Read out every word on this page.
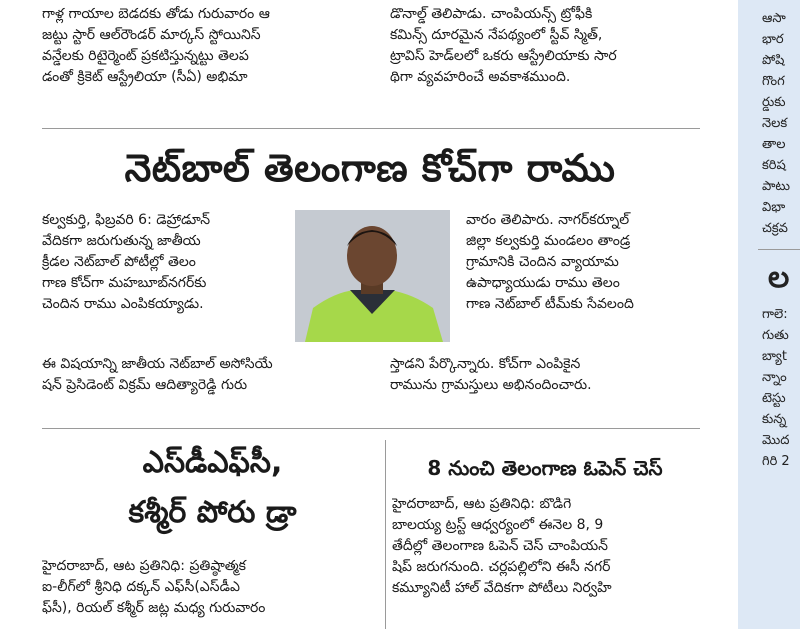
గాళ్ల గాయాల బెడదకు తోడు గురువారం ఆ
జట్టు స్టార్ ఆల్‌రౌండర్ మార్కస్ స్టోయినిస్
వన్డేలకు రిటైర్మెంట్ ప్రకటిస్తున్నట్టు తెలప
డంతో క్రికెట్ ఆస్ట్రేలియా (సీఏ) అభిమా
డొనాల్డ్ తెలిపాడు. చాంపియన్స్ ట్రోఫీకి
కమిన్స్ దూరమైన నేపథ్యంలో స్టీవ్ స్మిత్,
ట్రావిస్ హెడ్‌లలో ఒకరు ఆస్ట్రేలియాకు సార
థిగా వ్యవహరించే అవకాశముంది.
నెట్‌బాల్ తెలంగాణ కోచ్‌గా రాము
కల్వకుర్తి, ఫిబ్రవరి 6: డెహ్రాడూన్
వేదికగా జరుగుతున్న జాతీయ
క్రీడల నెట్‌బాల్ పోటీల్లో తెలం
గాణ కోచ్‌గా మహబూబ్‌నగర్‌కు
చెందిన రాము ఎంపికయ్యాడు.
వారం తెలిపారు. నాగర్‌కర్నూల్
జిల్లా కల్వకుర్తి మండలం తాండ్ర
గ్రామానికి చెందిన వ్యాయామ
ఉపాధ్యాయుడు రాము తెలం
గాణ నెట్‌బాల్ టీమ్‌కు సేవలంది
ఈ విషయాన్ని జాతీయ నెట్‌బాల్ అసోసియే
షన్ ప్రెసిడెంట్ విక్రమ్ ఆదిత్యారెడ్డి గురు
స్తాడని పేర్కొన్నారు. కోచ్‌గా ఎంపికైన
రామును గ్రామస్తులు అభినందించారు.
ఎస్‌డీఎఫ్‌సీ,
కశ్మీర్ పోరు డ్రా
హైదరాబాద్, ఆట ప్రతినిధి: ప్రతిష్ఠాత్మక
ఐ-లీగ్‌లో శ్రీనిధి దక్కన్ ఎఫ్‌సీ(ఎస్‌డీఎ
ఫ్‌సీ), రియల్ కశ్మీర్ జట్ల మధ్య గురువారం
8 నుంచి తెలంగాణ ఓపెన్ చెస్
హైదరాబాద్, ఆట ప్రతినిధి: బొడిగె
బాలయ్య ట్రస్ట్ ఆధ్వర్యంలో ఈనెల 8, 9
తేదీల్లో తెలంగాణ ఓపెన్ చెస్ చాంపియన్
షిప్ జరుగనుంది. చర్లపల్లిలోని ఈసీ నగర్
కమ్యూనిటీ హాల్ వేదికగా పోటీలు నిర్వహి
ఆసా
భార
పోషి
గొంగ
ర్డుకు
నెలక
తాల
కరిష
పాటు
విభా
చక్రవ
ల
గాలె:
గుతు
బ్యాt
న్నాం
టెస్టు
కున్న
మొద
గిరి 2
